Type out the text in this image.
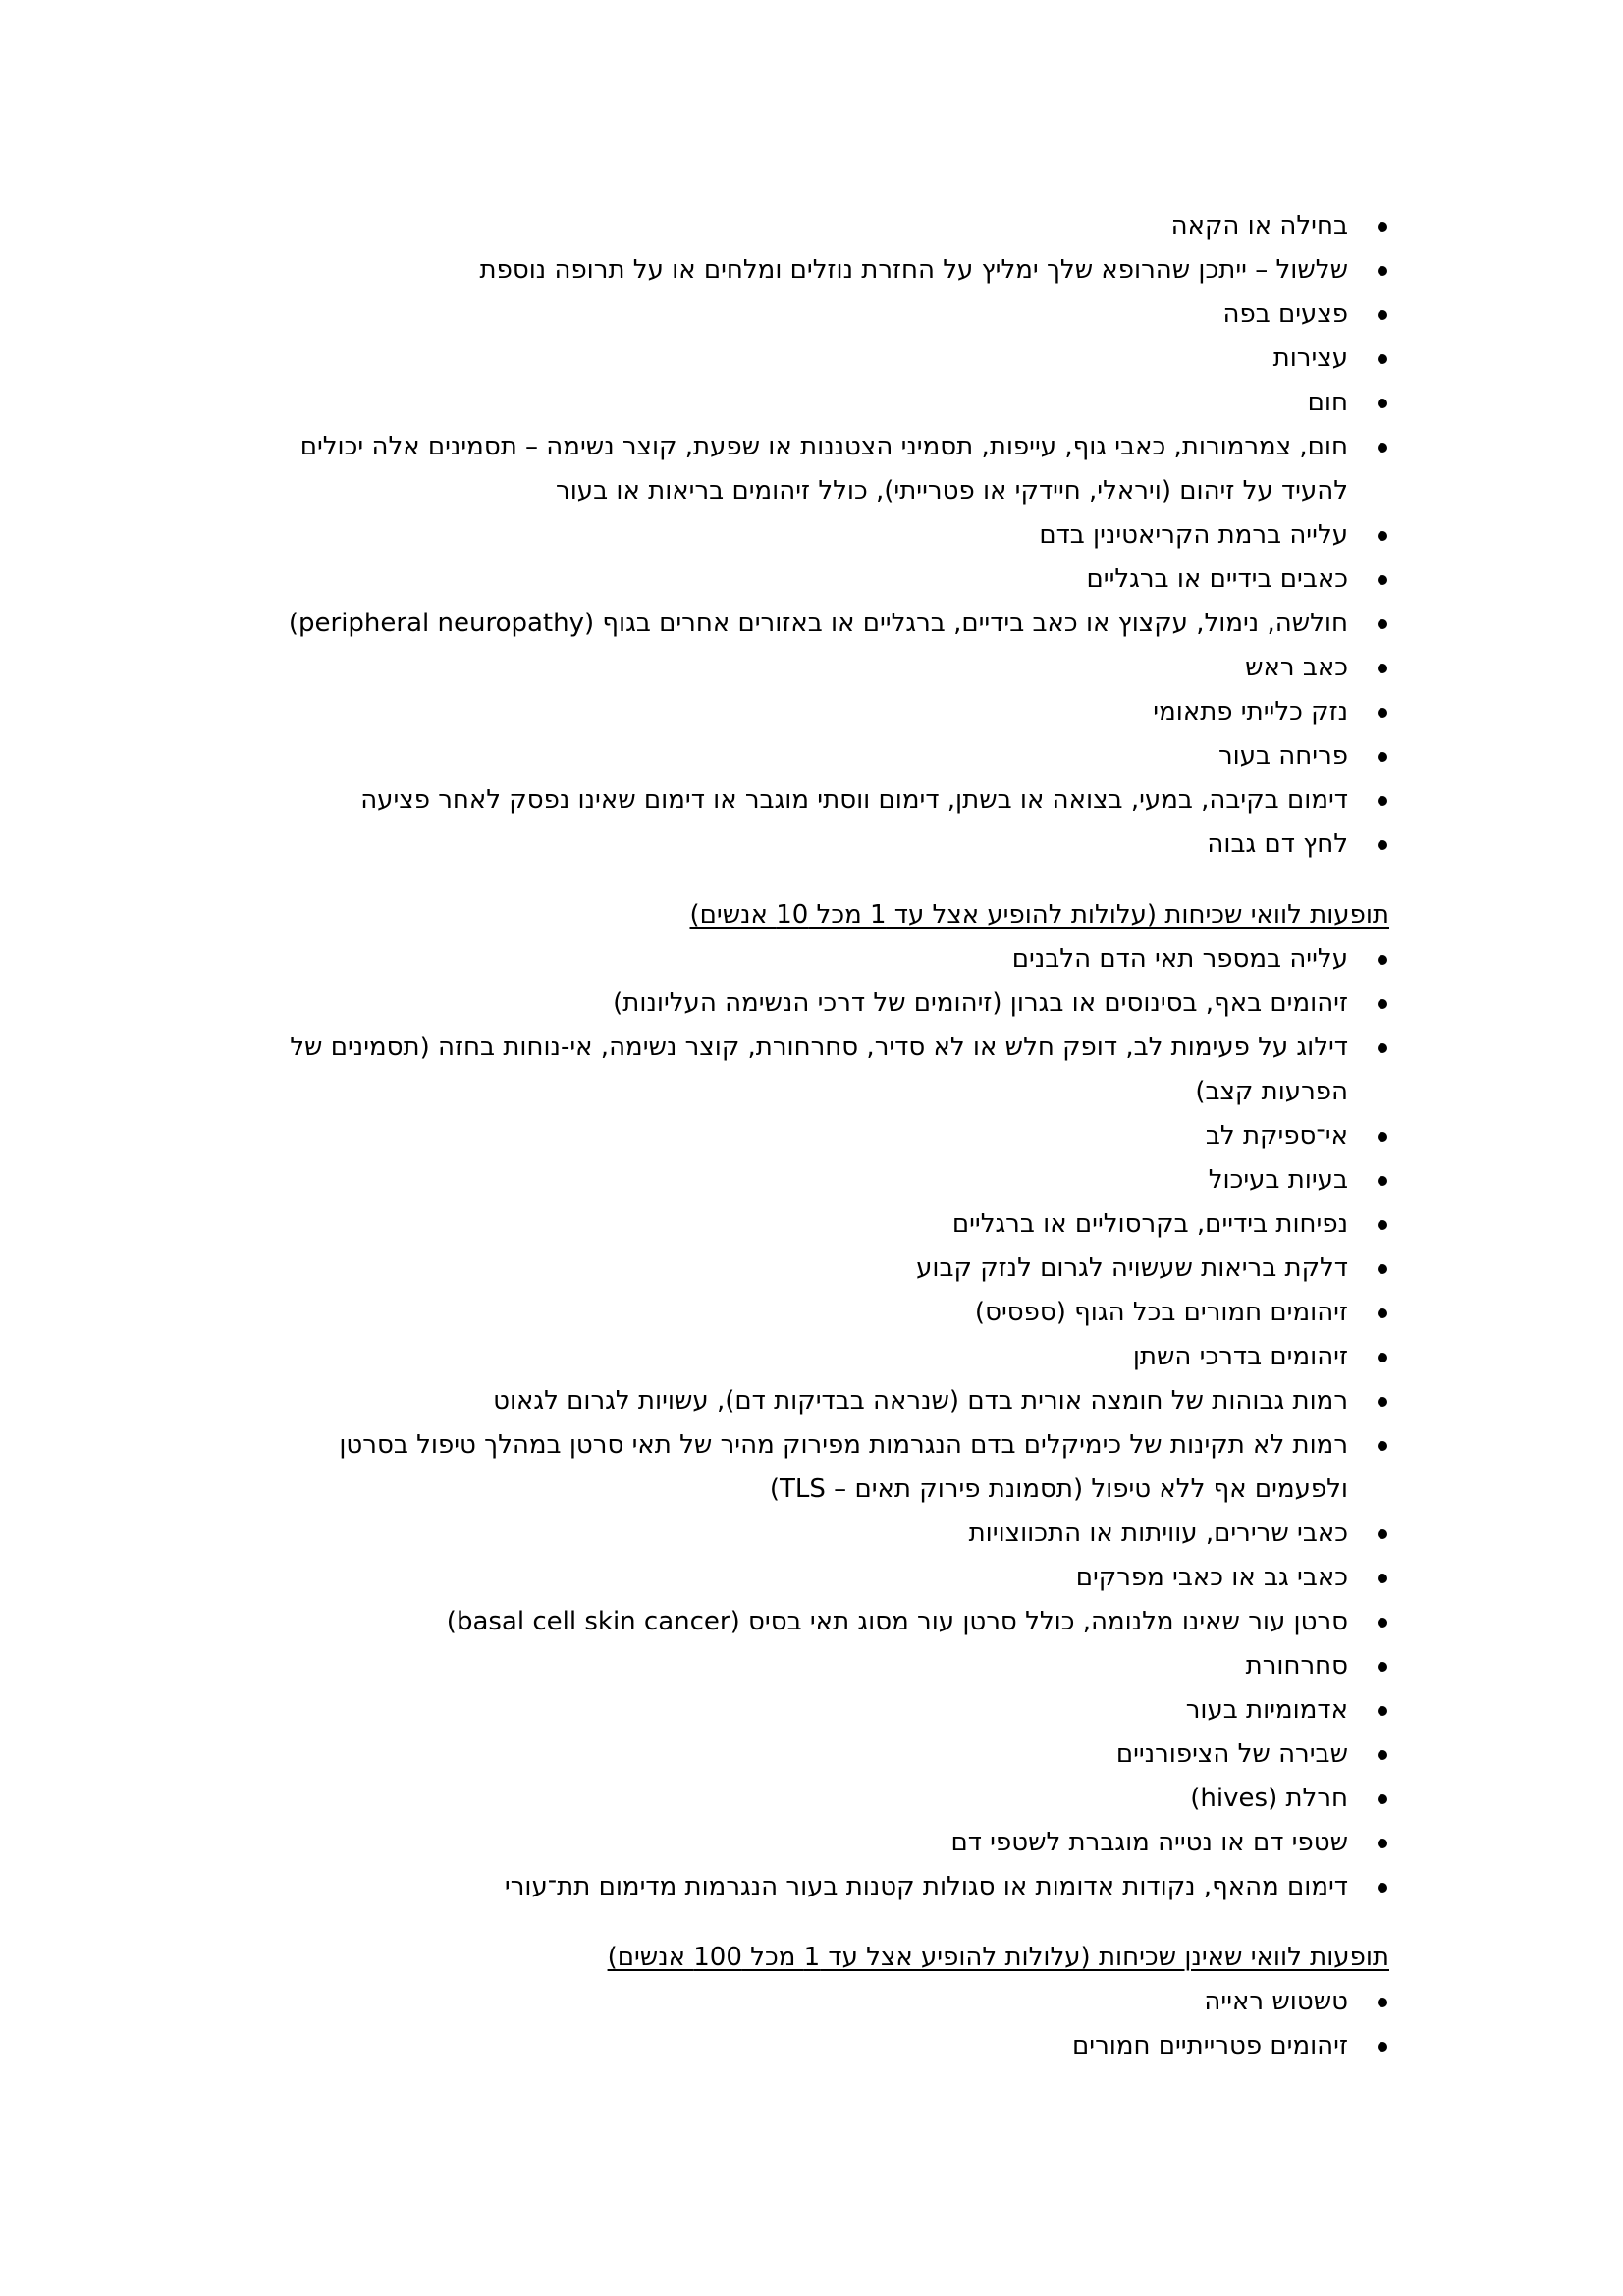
בחילה או הקאה
שלשול – ייתכן שהרופא שלך ימליץ על החזרת נוזלים ומלחים או על תרופה נוספת
פצעים בפה
עצירות
חום
חום, צמרמורות, כאבי גוף, עייפות, תסמיני הצטננות או שפעת, קוצר נשימה – תסמינים אלה יכולים להעיד על זיהום (ויראלי, חיידקי או פטרייתי), כולל זיהומים בריאות או בעור
עלייה ברמת הקריאטינין בדם
כאבים בידיים או ברגליים
חולשה, נימול, עקצוץ או כאב בידיים, ברגליים או באזורים אחרים בגוף (peripheral neuropathy)
כאב ראש
נזק כלייתי פתאומי
פריחה בעור
דימום בקיבה, במעי, בצואה או בשתן, דימום ווסתי מוגבר או דימום שאינו נפסק לאחר פציעה
לחץ דם גבוה

תופעות לוואי שכיחות (עלולות להופיע אצל עד 1 מכל 10 אנשים)

עלייה במספר תאי הדם הלבנים
זיהומים באף, בסינוסים או בגרון (זיהומים של דרכי הנשימה העליונות)
דילוג על פעימות לב, דופק חלש או לא סדיר, סחרחורת, קוצר נשימה, אי-נוחות בחזה (תסמינים של הפרעות קצב)
אי־ספיקת לב
בעיות בעיכול
נפיחות בידיים, בקרסוליים או ברגליים
דלקת בריאות שעשויה לגרום לנזק קבוע
זיהומים חמורים בכל הגוף (ספסיס)
זיהומים בדרכי השתן
רמות גבוהות של חומצה אורית בדם (שנראה בבדיקות דם), עשויות לגרום לגאוט
רמות לא תקינות של כימיקלים בדם הנגרמות מפירוק מהיר של תאי סרטן במהלך טיפול בסרטן ולפעמים אף ללא טיפול (תסמונת פירוק תאים – TLS)
כאבי שרירים, עוויתות או התכווצויות
כאבי גב או כאבי מפרקים
סרטן עור שאינו מלנומה, כולל סרטן עור מסוג תאי בסיס (basal cell skin cancer)
סחרחורת
אדמומיות בעור
שבירה של הציפורניים
חרלת (hives)
שטפי דם או נטייה מוגברת לשטפי דם
דימום מהאף, נקודות אדומות או סגולות קטנות בעור הנגרמות מדימום תת־עורי

תופעות לוואי שאינן שכיחות (עלולות להופיע אצל עד 1 מכל 100 אנשים)

טשטוש ראייה
זיהומים פטרייתיים חמורים
